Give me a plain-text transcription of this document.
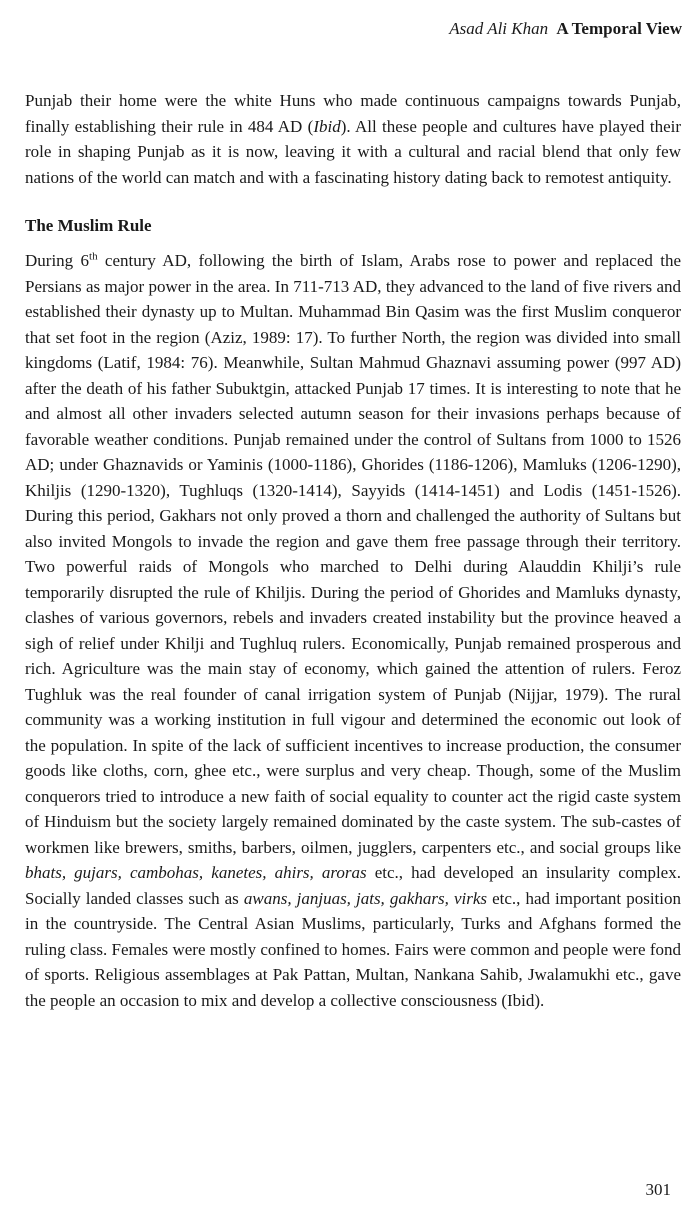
Asad Ali Khan A Temporal View

Punjab their home were the white Huns who made continuous campaigns towards Punjab, finally establishing their rule in 484 AD (Ibid). All these people and cultures have played their role in shaping Punjab as it is now, leaving it with a cultural and racial blend that only few nations of the world can match and with a fascinating history dating back to remotest antiquity.

The Muslim Rule

During 6th century AD, following the birth of Islam, Arabs rose to power and replaced the Persians as major power in the area. In 711-713 AD, they advanced to the land of five rivers and established their dynasty up to Multan. Muhammad Bin Qasim was the first Muslim conqueror that set foot in the region (Aziz, 1989: 17). To further North, the region was divided into small kingdoms (Latif, 1984: 76). Meanwhile, Sultan Mahmud Ghaznavi assuming power (997 AD) after the death of his father Subuktgin, attacked Punjab 17 times. It is interesting to note that he and almost all other invaders selected autumn season for their invasions perhaps because of favorable weather conditions. Punjab remained under the control of Sultans from 1000 to 1526 AD; under Ghaznavids or Yaminis (1000-1186), Ghorides (1186-1206), Mamluks (1206-1290), Khiljis (1290-1320), Tughluqs (1320-1414), Sayyids (1414-1451) and Lodis (1451-1526). During this period, Gakhars not only proved a thorn and challenged the authority of Sultans but also invited Mongols to invade the region and gave them free passage through their territory. Two powerful raids of Mongols who marched to Delhi during Alauddin Khilji’s rule temporarily disrupted the rule of Khiljis. During the period of Ghorides and Mamluks dynasty, clashes of various governors, rebels and invaders created instability but the province heaved a sigh of relief under Khilji and Tughluq rulers. Economically, Punjab remained prosperous and rich. Agriculture was the main stay of economy, which gained the attention of rulers. Feroz Tughluk was the real founder of canal irrigation system of Punjab (Nijjar, 1979). The rural community was a working institution in full vigour and determined the economic out look of the population. In spite of the lack of sufficient incentives to increase production, the consumer goods like cloths, corn, ghee etc., were surplus and very cheap. Though, some of the Muslim conquerors tried to introduce a new faith of social equality to counter act the rigid caste system of Hinduism but the society largely remained dominated by the caste system. The sub-castes of workmen like brewers, smiths, barbers, oilmen, jugglers, carpenters etc., and social groups like bhats, gujars, cambohas, kanetes, ahirs, aroras etc., had developed an insularity complex. Socially landed classes such as awans, janjuas, jats, gakhars, virks etc., had important position in the countryside. The Central Asian Muslims, particularly, Turks and Afghans formed the ruling class. Females were mostly confined to homes. Fairs were common and people were fond of sports. Religious assemblages at Pak Pattan, Multan, Nankana Sahib, Jwalamukhi etc., gave the people an occasion to mix and develop a collective consciousness (Ibid).

301
